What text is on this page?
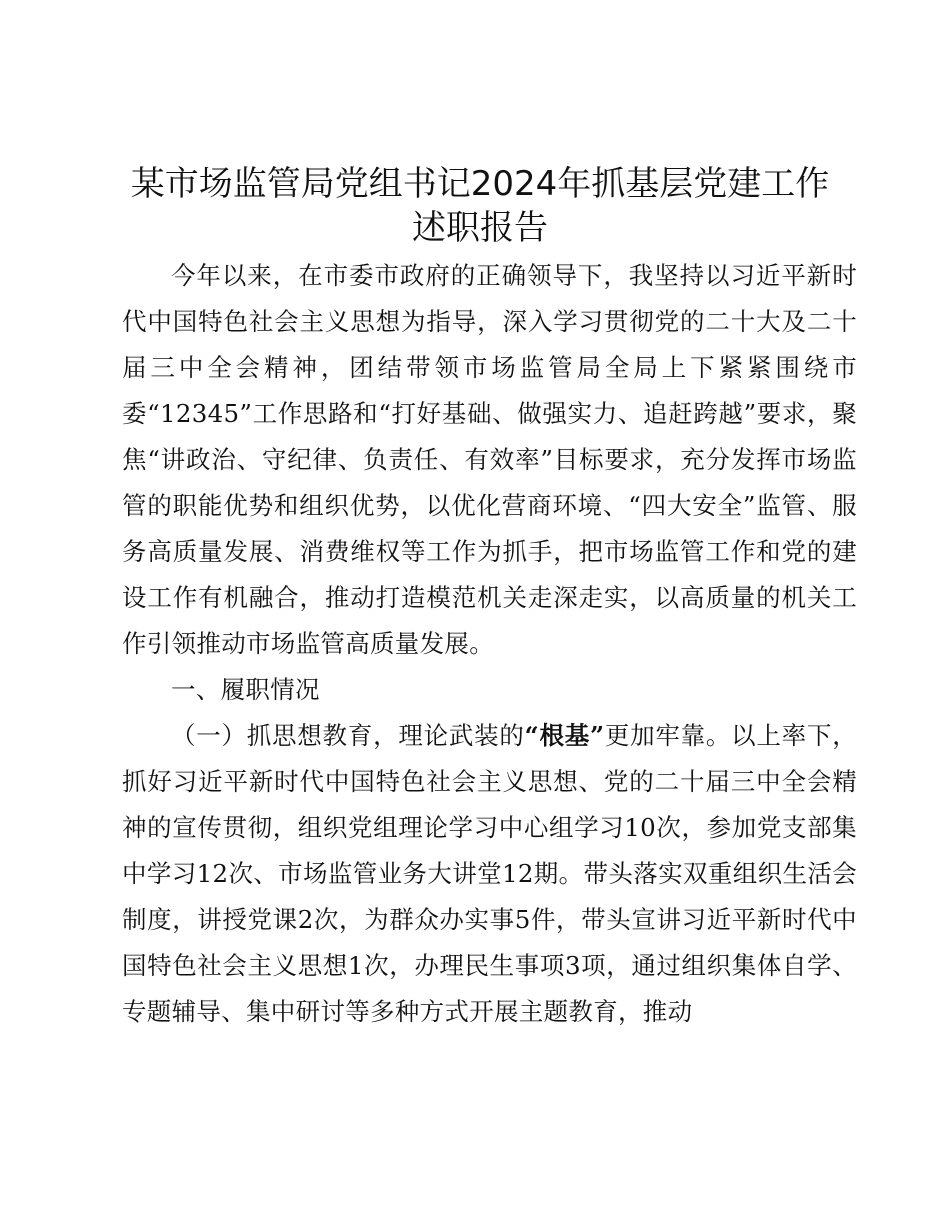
某市场监管局党组书记2024年抓基层党建工作
述职报告

今年以来，在市委市政府的正确领导下，我坚持以习近平新时代中国特色社会主义思想为指导，深入学习贯彻党的二十大及二十届三中全会精神，团结带领市场监管局全局上下紧紧围绕市委“12345”工作思路和“打好基础、做强实力、追赶跨越”要求，聚焦“讲政治、守纪律、负责任、有效率”目标要求，充分发挥市场监管的职能优势和组织优势，以优化营商环境、“四大安全”监管、服务高质量发展、消费维权等工作为抓手，把市场监管工作和党的建设工作有机融合，推动打造模范机关走深走实，以高质量的机关工作引领推动市场监管高质量发展。

一、履职情况

（一）抓思想教育，理论武装的“根基”更加牢靠。以上率下，抓好习近平新时代中国特色社会主义思想、党的二十届三中全会精神的宣传贯彻，组织党组理论学习中心组学习10次，参加党支部集中学习12次、市场监管业务大讲堂12期。带头落实双重组织生活会制度，讲授党课2次，为群众办实事5件，带头宣讲习近平新时代中国特色社会主义思想1次，办理民生事项3项，通过组织集体自学、专题辅导、集中研讨等多种方式开展主题教育，推动
